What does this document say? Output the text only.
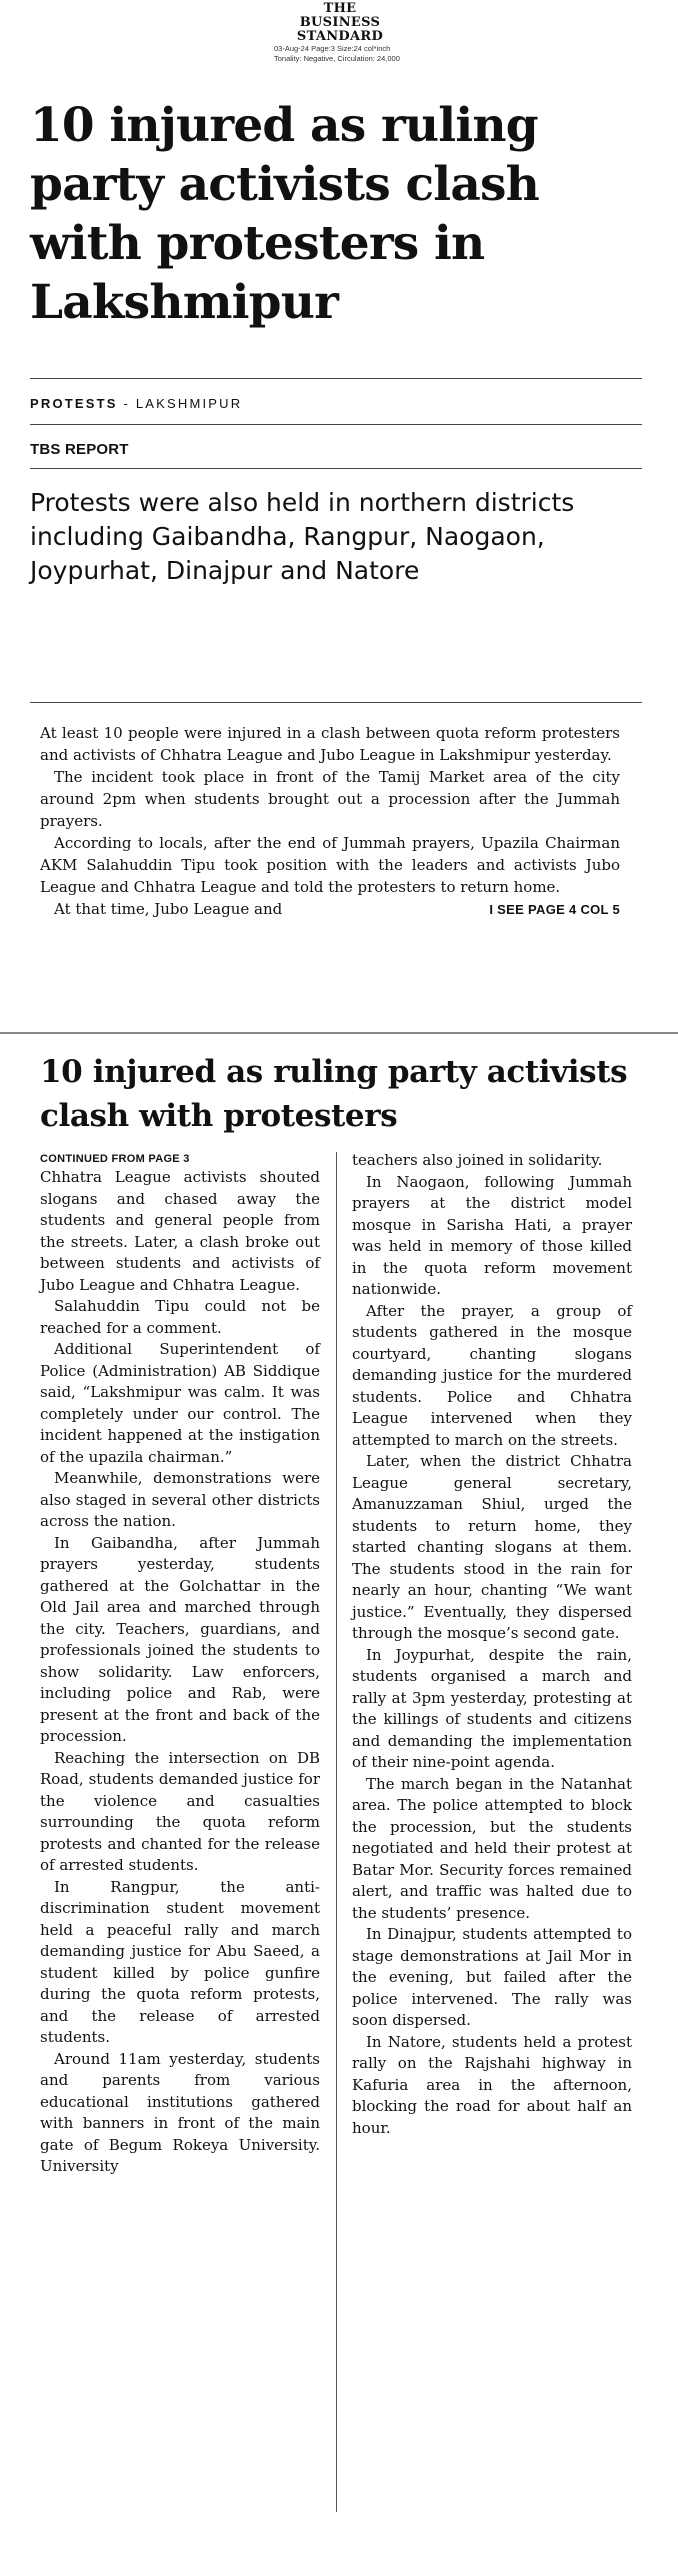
THE
BUSINESS
STANDARD
03-Aug-24 Page:3 Size:24 col*inch
Tonality: Negative, Circulation: 24,000
10 injured as ruling party activists clash with protesters in Lakshmipur
PROTESTS - LAKSHMIPUR
TBS REPORT

Protests were also held in northern districts including Gaibandha, Rangpur, Naogaon, Joypurhat, Dinajpur and Natore

At least 10 people were injured in a clash between quota reform protesters and activists of Chhatra League and Jubo League in Lakshmipur yesterday.

The incident took place in front of the Tamij Market area of the city around 2pm when students brought out a procession after the Jummah prayers.

According to locals, after the end of Jummah prayers, Upazila Chairman AKM Salahuddin Tipu took position with the leaders and activists Jubo League and Chhatra League and told the protesters to return home.

At that time, Jubo League and	I SEE PAGE 4 COL 5

10 injured as ruling party activists clash with protesters
CONTINUED FROM PAGE 3

Chhatra League activists shouted slogans and chased away the students and general people from the streets. Later, a clash broke out between students and activists of Jubo League and Chhatra League.

Salahuddin Tipu could not be reached for a comment.

Additional Superintendent of Police (Administration) AB Siddique said, “Lakshmipur was calm. It was completely under our control. The incident happened at the instigation of the upazila chairman.”

Meanwhile, demonstrations were also staged in several other districts across the nation.

In Gaibandha, after Jummah prayers yesterday, students gathered at the Golchattar in the Old Jail area and marched through the city. Teachers, guardians, and professionals joined the students to show solidarity. Law enforcers, including police and Rab, were present at the front and back of the procession.

Reaching the intersection on DB Road, students demanded justice for the violence and casualties surrounding the quota reform protests and chanted for the release of arrested students.

In Rangpur, the anti-discrimination student movement held a peaceful rally and march demanding justice for Abu Saeed, a student killed by police gunfire during the quota reform protests, and the release of arrested students.

Around 11am yesterday, students and parents from various educational institutions gathered with banners in front of the main gate of Begum Rokeya University. University

teachers also joined in solidarity.

In Naogaon, following Jummah prayers at the district model mosque in Sarisha Hati, a prayer was held in memory of those killed in the quota reform movement nationwide.

After the prayer, a group of students gathered in the mosque courtyard, chanting slogans demanding justice for the murdered students. Police and Chhatra League intervened when they attempted to march on the streets.

Later, when the district Chhatra League general secretary, Amanuzzaman Shiul, urged the students to return home, they started chanting slogans at them. The students stood in the rain for nearly an hour, chanting “We want justice.” Eventually, they dispersed through the mosque’s second gate.

In Joypurhat, despite the rain, students organised a march and rally at 3pm yesterday, protesting at the killings of students and citizens and demanding the implementation of their nine-point agenda.

The march began in the Natanhat area. The police attempted to block the procession, but the students negotiated and held their protest at Batar Mor. Security forces remained alert, and traffic was halted due to the students’ presence.

In Dinajpur, students attempted to stage demonstrations at Jail Mor in the evening, but failed after the police intervened. The rally was soon dispersed.

In Natore, students held a protest rally on the Rajshahi highway in Kafuria area in the afternoon, blocking the road for about half an hour.
